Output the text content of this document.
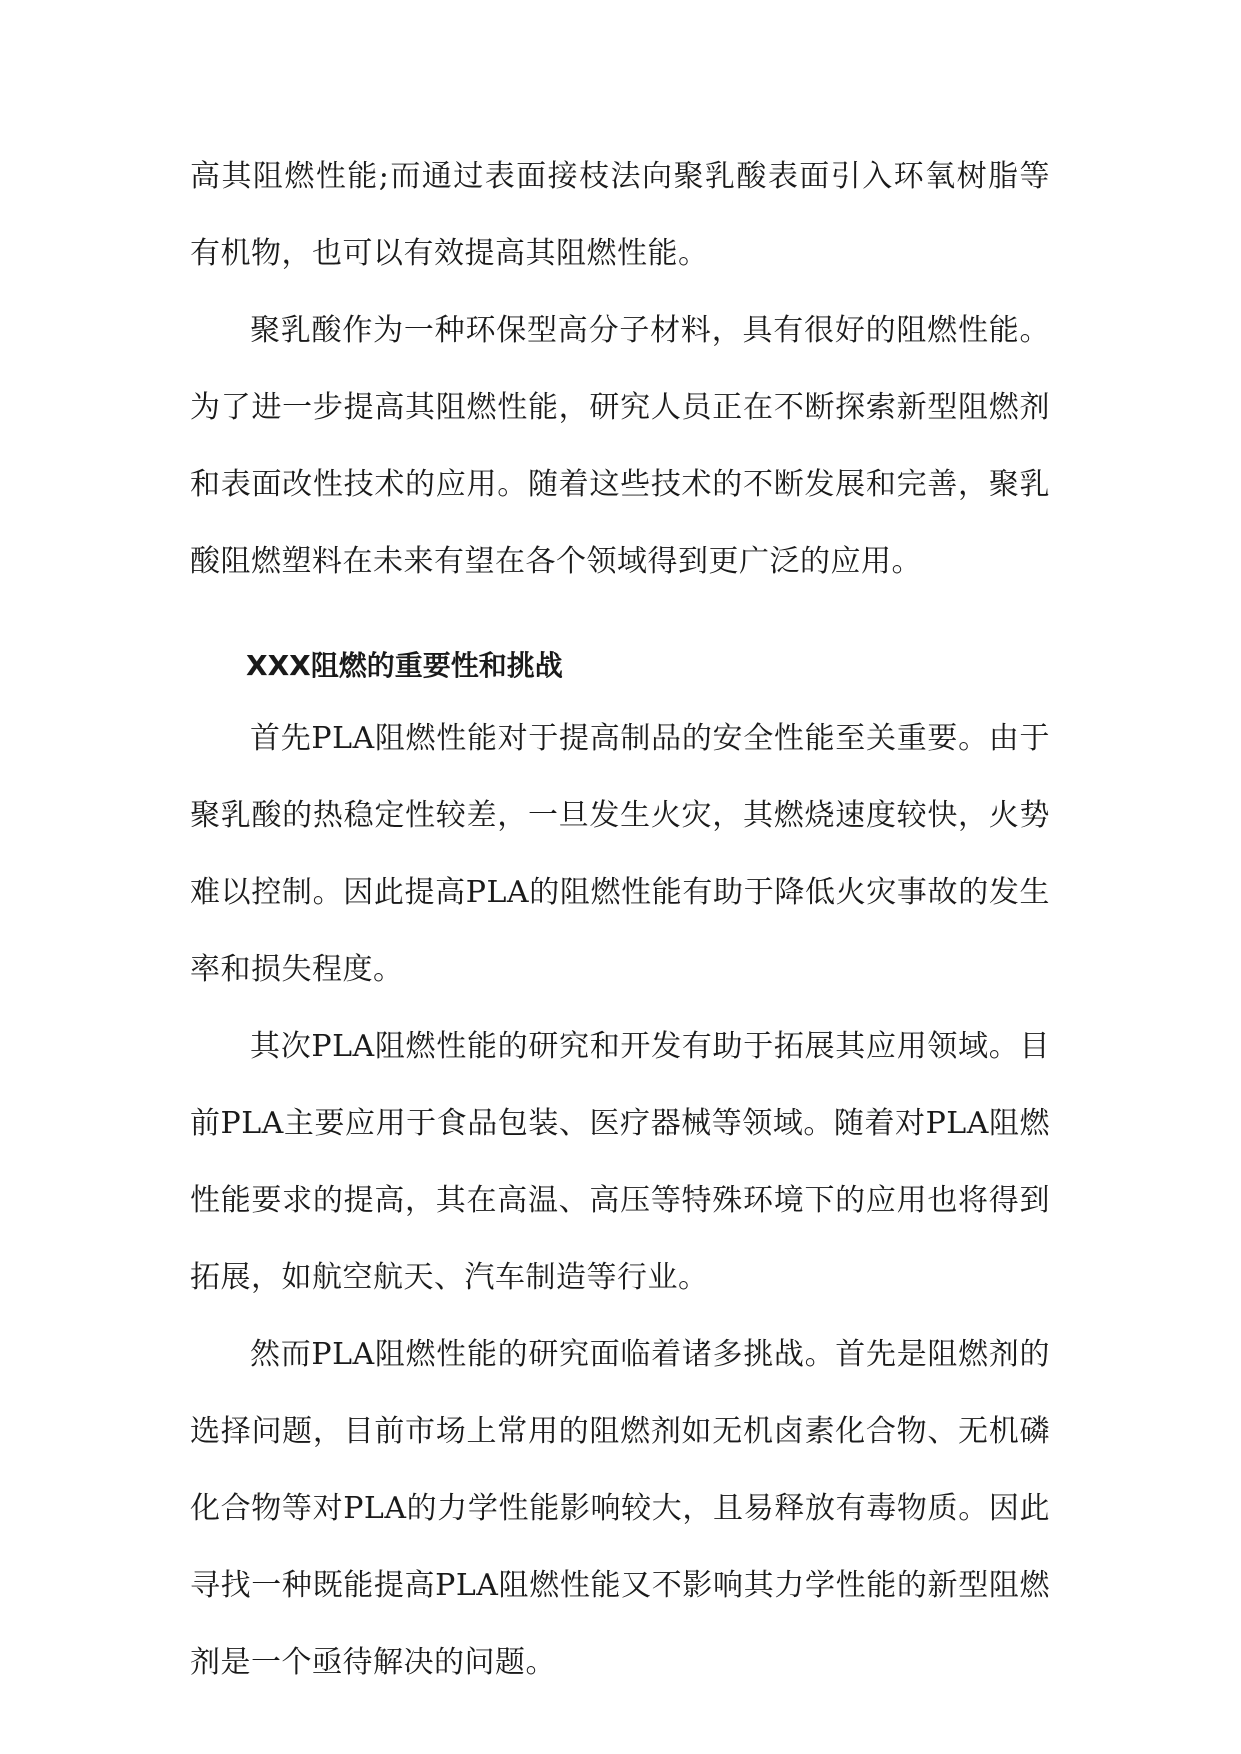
高其阻燃性能;而通过表面接枝法向聚乳酸表面引入环氧树脂等有机物，也可以有效提高其阻燃性能。

聚乳酸作为一种环保型高分子材料，具有很好的阻燃性能。为了进一步提高其阻燃性能，研究人员正在不断探索新型阻燃剂和表面改性技术的应用。随着这些技术的不断发展和完善，聚乳酸阻燃塑料在未来有望在各个领域得到更广泛的应用。

XXX阻燃的重要性和挑战

首先PLA阻燃性能对于提高制品的安全性能至关重要。由于聚乳酸的热稳定性较差，一旦发生火灾，其燃烧速度较快，火势难以控制。因此提高PLA的阻燃性能有助于降低火灾事故的发生率和损失程度。

其次PLA阻燃性能的研究和开发有助于拓展其应用领域。目前PLA主要应用于食品包装、医疗器械等领域。随着对PLA阻燃性能要求的提高，其在高温、高压等特殊环境下的应用也将得到拓展，如航空航天、汽车制造等行业。

然而PLA阻燃性能的研究面临着诸多挑战。首先是阻燃剂的选择问题，目前市场上常用的阻燃剂如无机卤素化合物、无机磷化合物等对PLA的力学性能影响较大，且易释放有毒物质。因此寻找一种既能提高PLA阻燃性能又不影响其力学性能的新型阻燃剂是一个亟待解决的问题。
